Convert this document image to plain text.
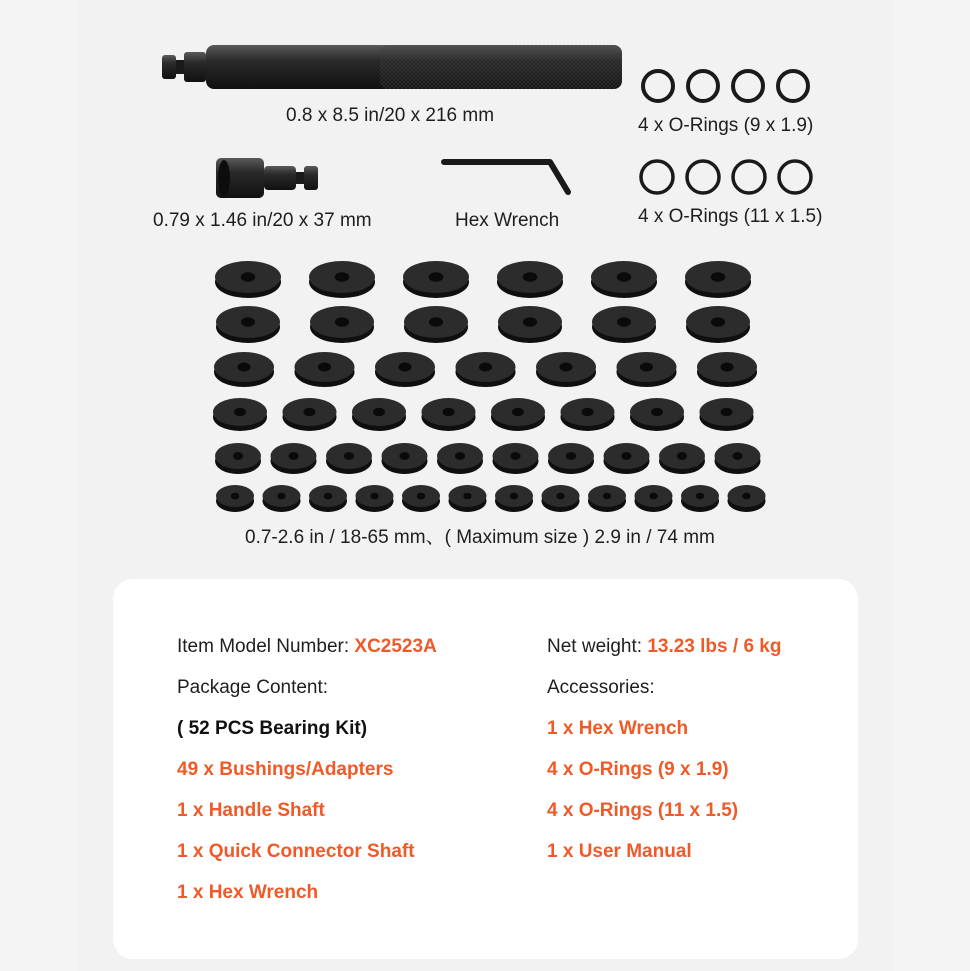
0.8 x 8.5 in/20 x 216 mm	4 x O-Rings (9 x 1.9)
0.79 x 1.46 in/20 x 37 mm	Hex Wrench	4 x O-Rings (11 x 1.5)
0.7-2.6 in / 18-65 mm、( Maximum size ) 2.9 in / 74 mm
Item Model Number: XC2523A	Net weight: 13.23 lbs / 6 kg
Package Content:	Accessories:
( 52 PCS Bearing Kit)
49 x Bushings/Adapters
1 x Handle Shaft
1 x Quick Connector Shaft
1 x Hex Wrench
1 x Hex Wrench
4 x O-Rings (9 x 1.9)
4 x O-Rings (11 x 1.5)
1 x User Manual
